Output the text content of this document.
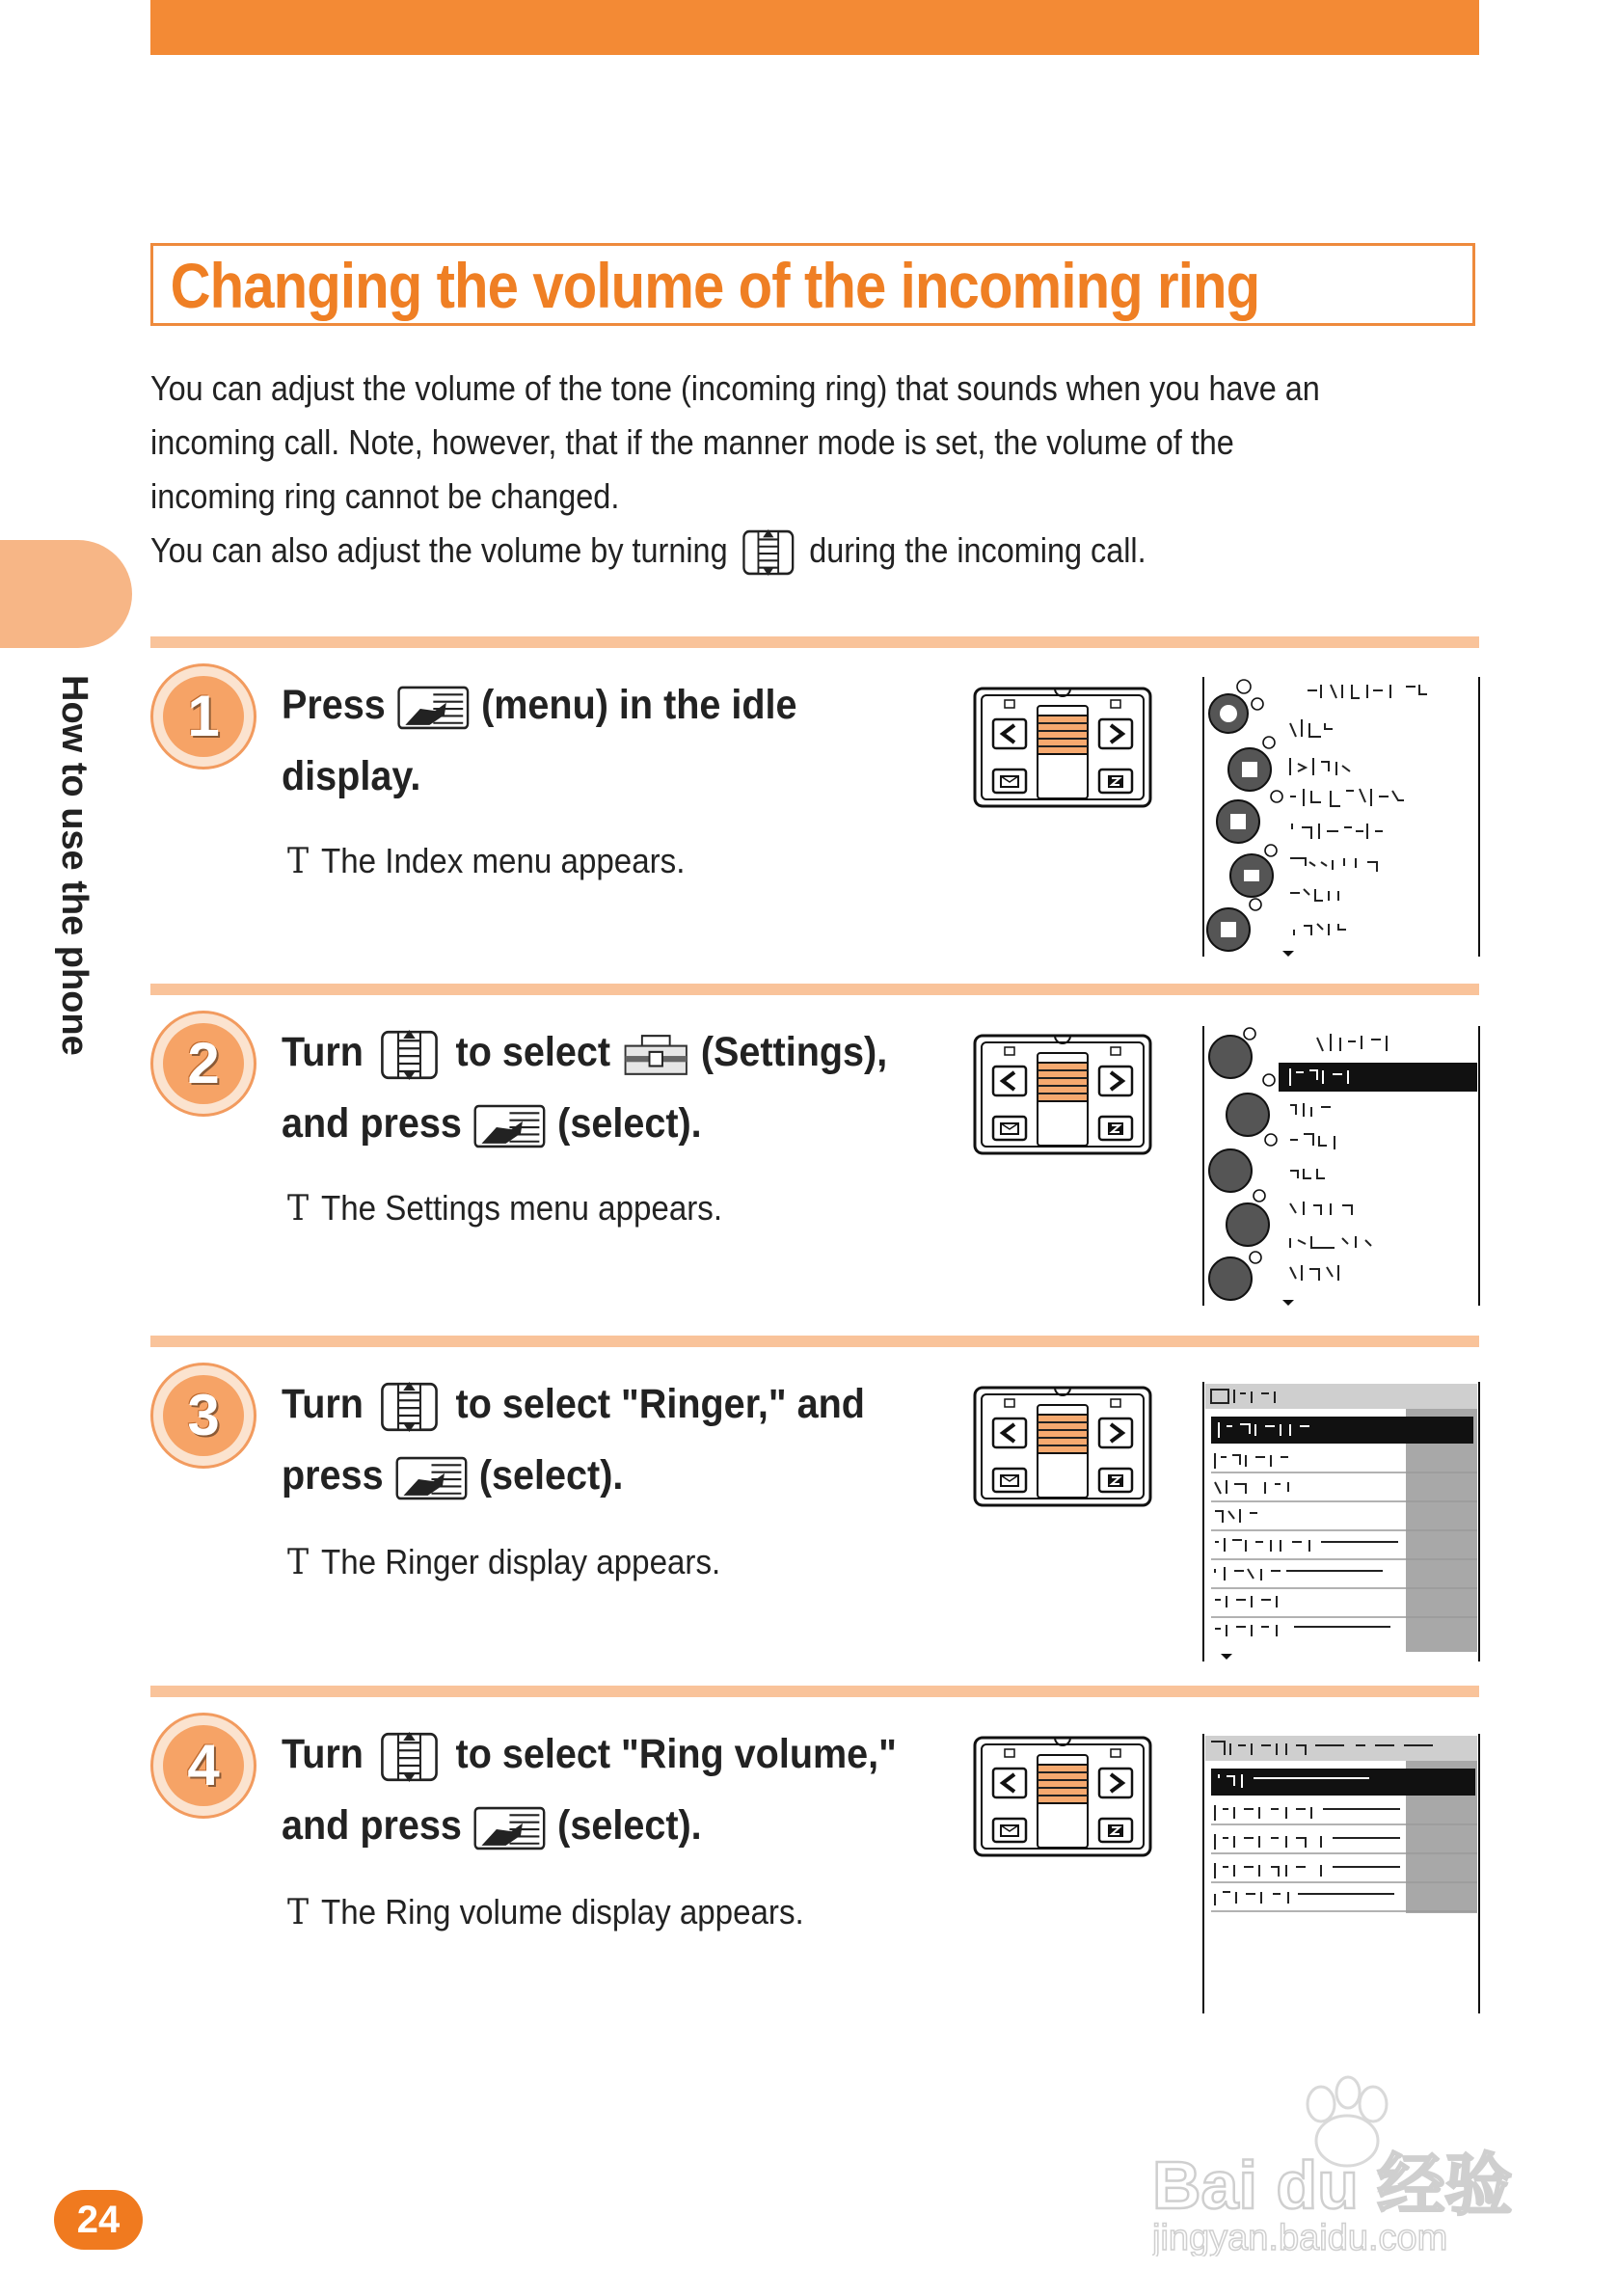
Changing the volume of the incoming ring

You can adjust the volume of the tone (incoming ring) that sounds when you have an incoming call. Note, however, that if the manner mode is set, the volume of the incoming ring cannot be changed.

You can also adjust the volume by turning during the incoming call.

How to use the phone	1	Press (menu) in the idle
display.
T The Index menu appears.
2	Turn to select (Settings),
and press (select).
T The Settings menu appears.
3	Turn to select "Ringer," and
press (select).
T The Ringer display appears.
4	Turn to select "Ring volume,"
and press (select).
T The Ring volume display appears.
24	Bai du 经验
jingyan.baidu.com
